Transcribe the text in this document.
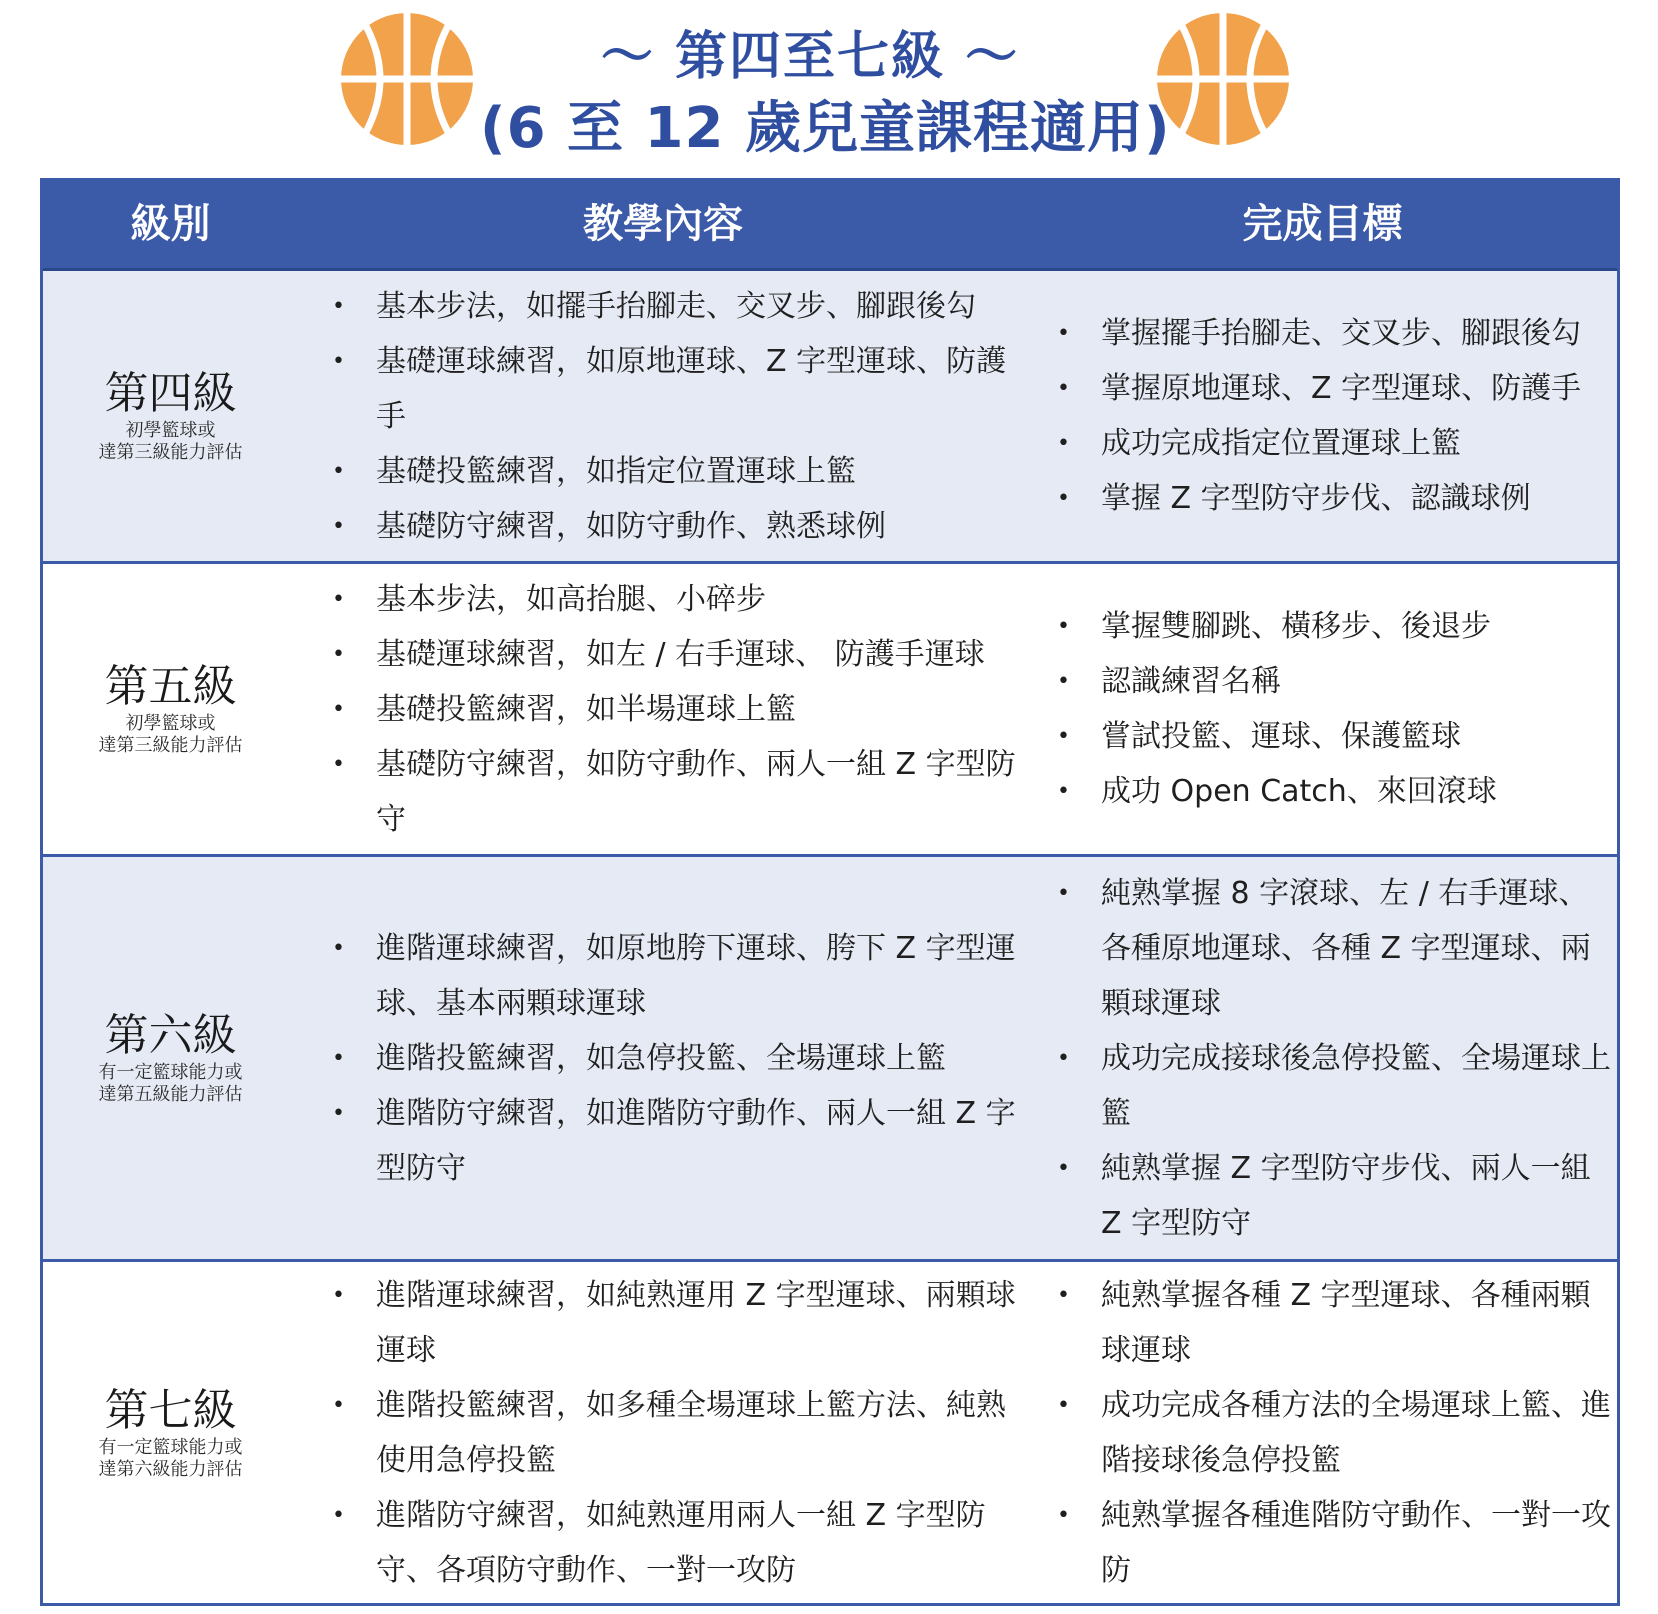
～ 第四至七級 ～
(6 至 12 歲兒童課程適用)
級別	教學內容	完成目標
第四級
初學籃球或
達第三級能力評估
• 基本步法，如擺手抬腳走、交叉步、腳跟後勾
• 基礎運球練習，如原地運球、Z 字型運球、防護手
• 基礎投籃練習，如指定位置運球上籃
• 基礎防守練習，如防守動作、熟悉球例
• 掌握擺手抬腳走、交叉步、腳跟後勾
• 掌握原地運球、Z 字型運球、防護手
• 成功完成指定位置運球上籃
• 掌握 Z 字型防守步伐、認識球例
第五級
初學籃球或
達第三級能力評估
• 基本步法，如高抬腿、小碎步
• 基礎運球練習，如左 / 右手運球、 防護手運球
• 基礎投籃練習，如半場運球上籃
• 基礎防守練習，如防守動作、兩人一組 Z 字型防守
• 掌握雙腳跳、橫移步、後退步
• 認識練習名稱
• 嘗試投籃、運球、保護籃球
• 成功 Open Catch、來回滾球
第六級
有一定籃球能力或
達第五級能力評估
• 進階運球練習，如原地胯下運球、胯下 Z 字型運球、基本兩顆球運球
• 進階投籃練習，如急停投籃、全場運球上籃
• 進階防守練習，如進階防守動作、兩人一組 Z 字型防守
• 純熟掌握 8 字滾球、左 / 右手運球、各種原地運球、各種 Z 字型運球、兩顆球運球
• 成功完成接球後急停投籃、全場運球上籃
• 純熟掌握 Z 字型防守步伐、兩人一組 Z 字型防守
第七級
有一定籃球能力或
達第六級能力評估
• 進階運球練習，如純熟運用 Z 字型運球、兩顆球運球
• 進階投籃練習，如多種全場運球上籃方法、純熟使用急停投籃
• 進階防守練習，如純熟運用兩人一組 Z 字型防守、各項防守動作、一對一攻防
• 純熟掌握各種 Z 字型運球、各種兩顆球運球
• 成功完成各種方法的全場運球上籃、進階接球後急停投籃
• 純熟掌握各種進階防守動作、一對一攻防
